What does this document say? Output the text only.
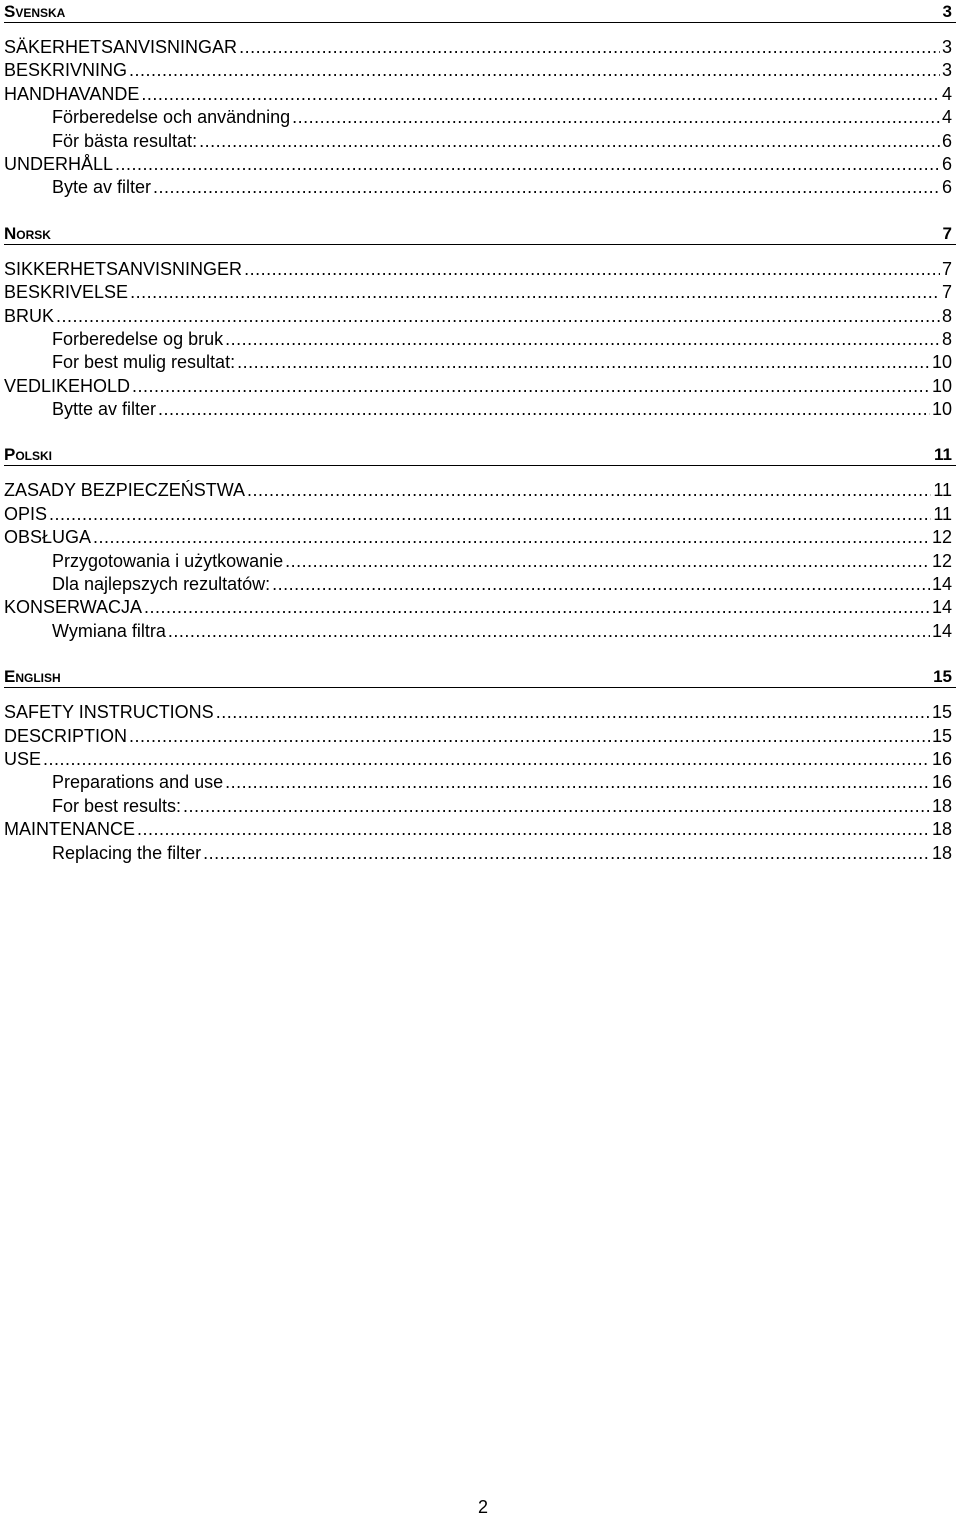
Svenska	3
SÄKERHETSANVISNINGAR .....	3
BESKRIVNING .....	3
HANDHAVANDE .....	4
Förberedelse och användning .....	4
För bästa resultat: .....	6
UNDERHÅLL .....	6
Byte av filter .....	6
Norsk	7
SIKKERHETSANVISNINGER .....	7
BESKRIVELSE .....	7
BRUK .....	8
Forberedelse og bruk .....	8
For best mulig resultat: .....	10
VEDLIKEHOLD .....	10
Bytte av filter .....	10
Polski	11
ZASADY BEZPIECZEŃSTWA .....	11
OPIS .....	11
OBSŁUGA .....	12
Przygotowania i użytkowanie .....	12
Dla najlepszych rezultatów: .....	14
KONSERWACJA .....	14
Wymiana filtra .....	14
English	15
SAFETY INSTRUCTIONS .....	15
DESCRIPTION .....	15
USE .....	16
Preparations and use .....	16
For best results: .....	18
MAINTENANCE .....	18
Replacing the filter .....	18
2
